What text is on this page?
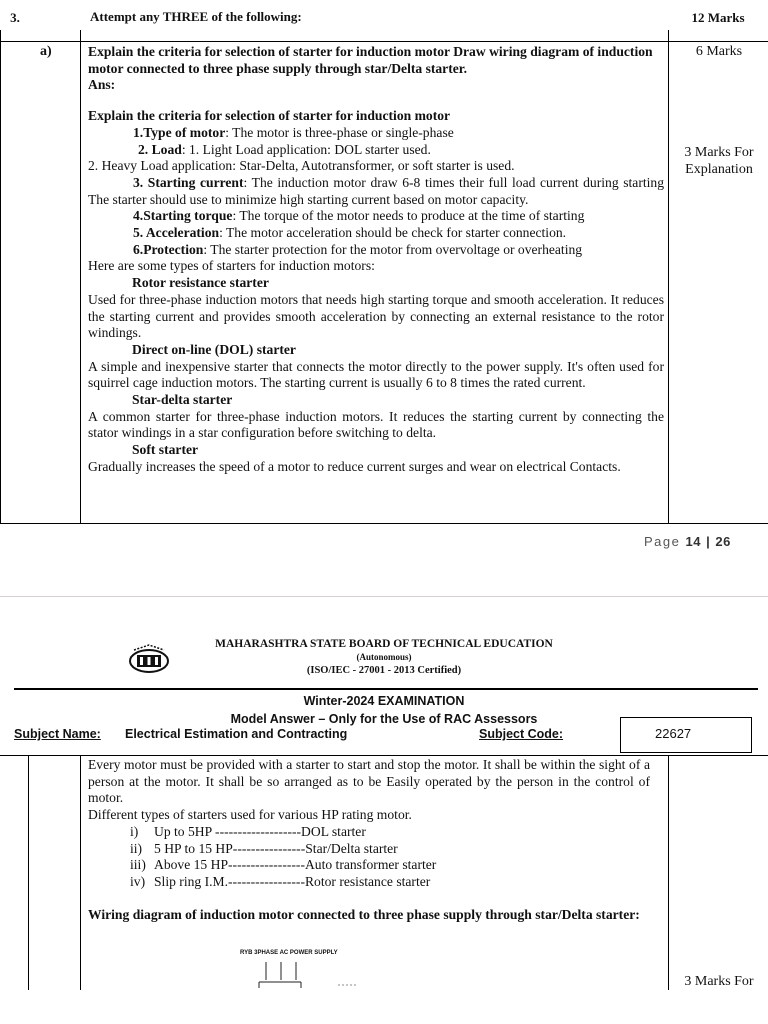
3.	Attempt any THREE of the following:	12 Marks
a)	Explain the criteria for selection of starter for induction motor Draw wiring diagram of induction motor connected to three phase supply through star/Delta starter.

Ans:

Explain the criteria for selection of starter for induction motor

1.Type of motor: The motor is three-phase or single-phase

2. Load: 1. Light Load application: DOL starter used.

2. Heavy Load application: Star-Delta, Autotransformer, or soft starter is used.

3. Starting current: The induction motor draw 6-8 times their full load current during starting The starter should use to minimize high starting current based on motor capacity.

4.Starting torque: The torque of the motor needs to produce at the time of starting

5. Acceleration: The motor acceleration should be check for starter connection.

6.Protection: The starter protection for the motor from overvoltage or overheating

Here are some types of starters for induction motors:

Rotor resistance starter

Used for three-phase induction motors that needs high starting torque and smooth acceleration. It reduces the starting current and provides smooth acceleration by connecting an external resistance to the rotor windings.

Direct on-line (DOL) starter

A simple and inexpensive starter that connects the motor directly to the power supply. It's often used for squirrel cage induction motors. The starting current is usually 6 to 8 times the rated current.

Star-delta starter

A common starter for three-phase induction motors. It reduces the starting current by connecting the stator windings in a star configuration before switching to delta.

Soft starter

Gradually increases the speed of a motor to reduce current surges and wear on electrical Contacts.

6 Marks
3 Marks For
Explanation
Page 14 | 26
MAHARASHTRA STATE BOARD OF TECHNICAL EDUCATION
(Autonomous)
(ISO/IEC - 27001 - 2013 Certified)
Winter-2024 EXAMINATION
Model Answer – Only for the Use of RAC Assessors
Subject Name: Electrical Estimation and Contracting	Subject Code:	22627

Every motor must be provided with a starter to start and stop the motor. It shall be within the sight of a person at the motor. It shall be so arranged as to be Easily operated by the person in the control of motor.

Different types of starters used for various HP rating motor.

i) Up to 5HP -------------------DOL starter
ii) 5 HP to 15 HP----------------Star/Delta starter
iii) Above 15 HP-----------------Auto transformer starter
iv) Slip ring I.M.-----------------Rotor resistance starter

Wiring diagram of induction motor connected to three phase supply through star/Delta starter:

RYB 3PHASE AC POWER SUPPLY
3 Marks For
